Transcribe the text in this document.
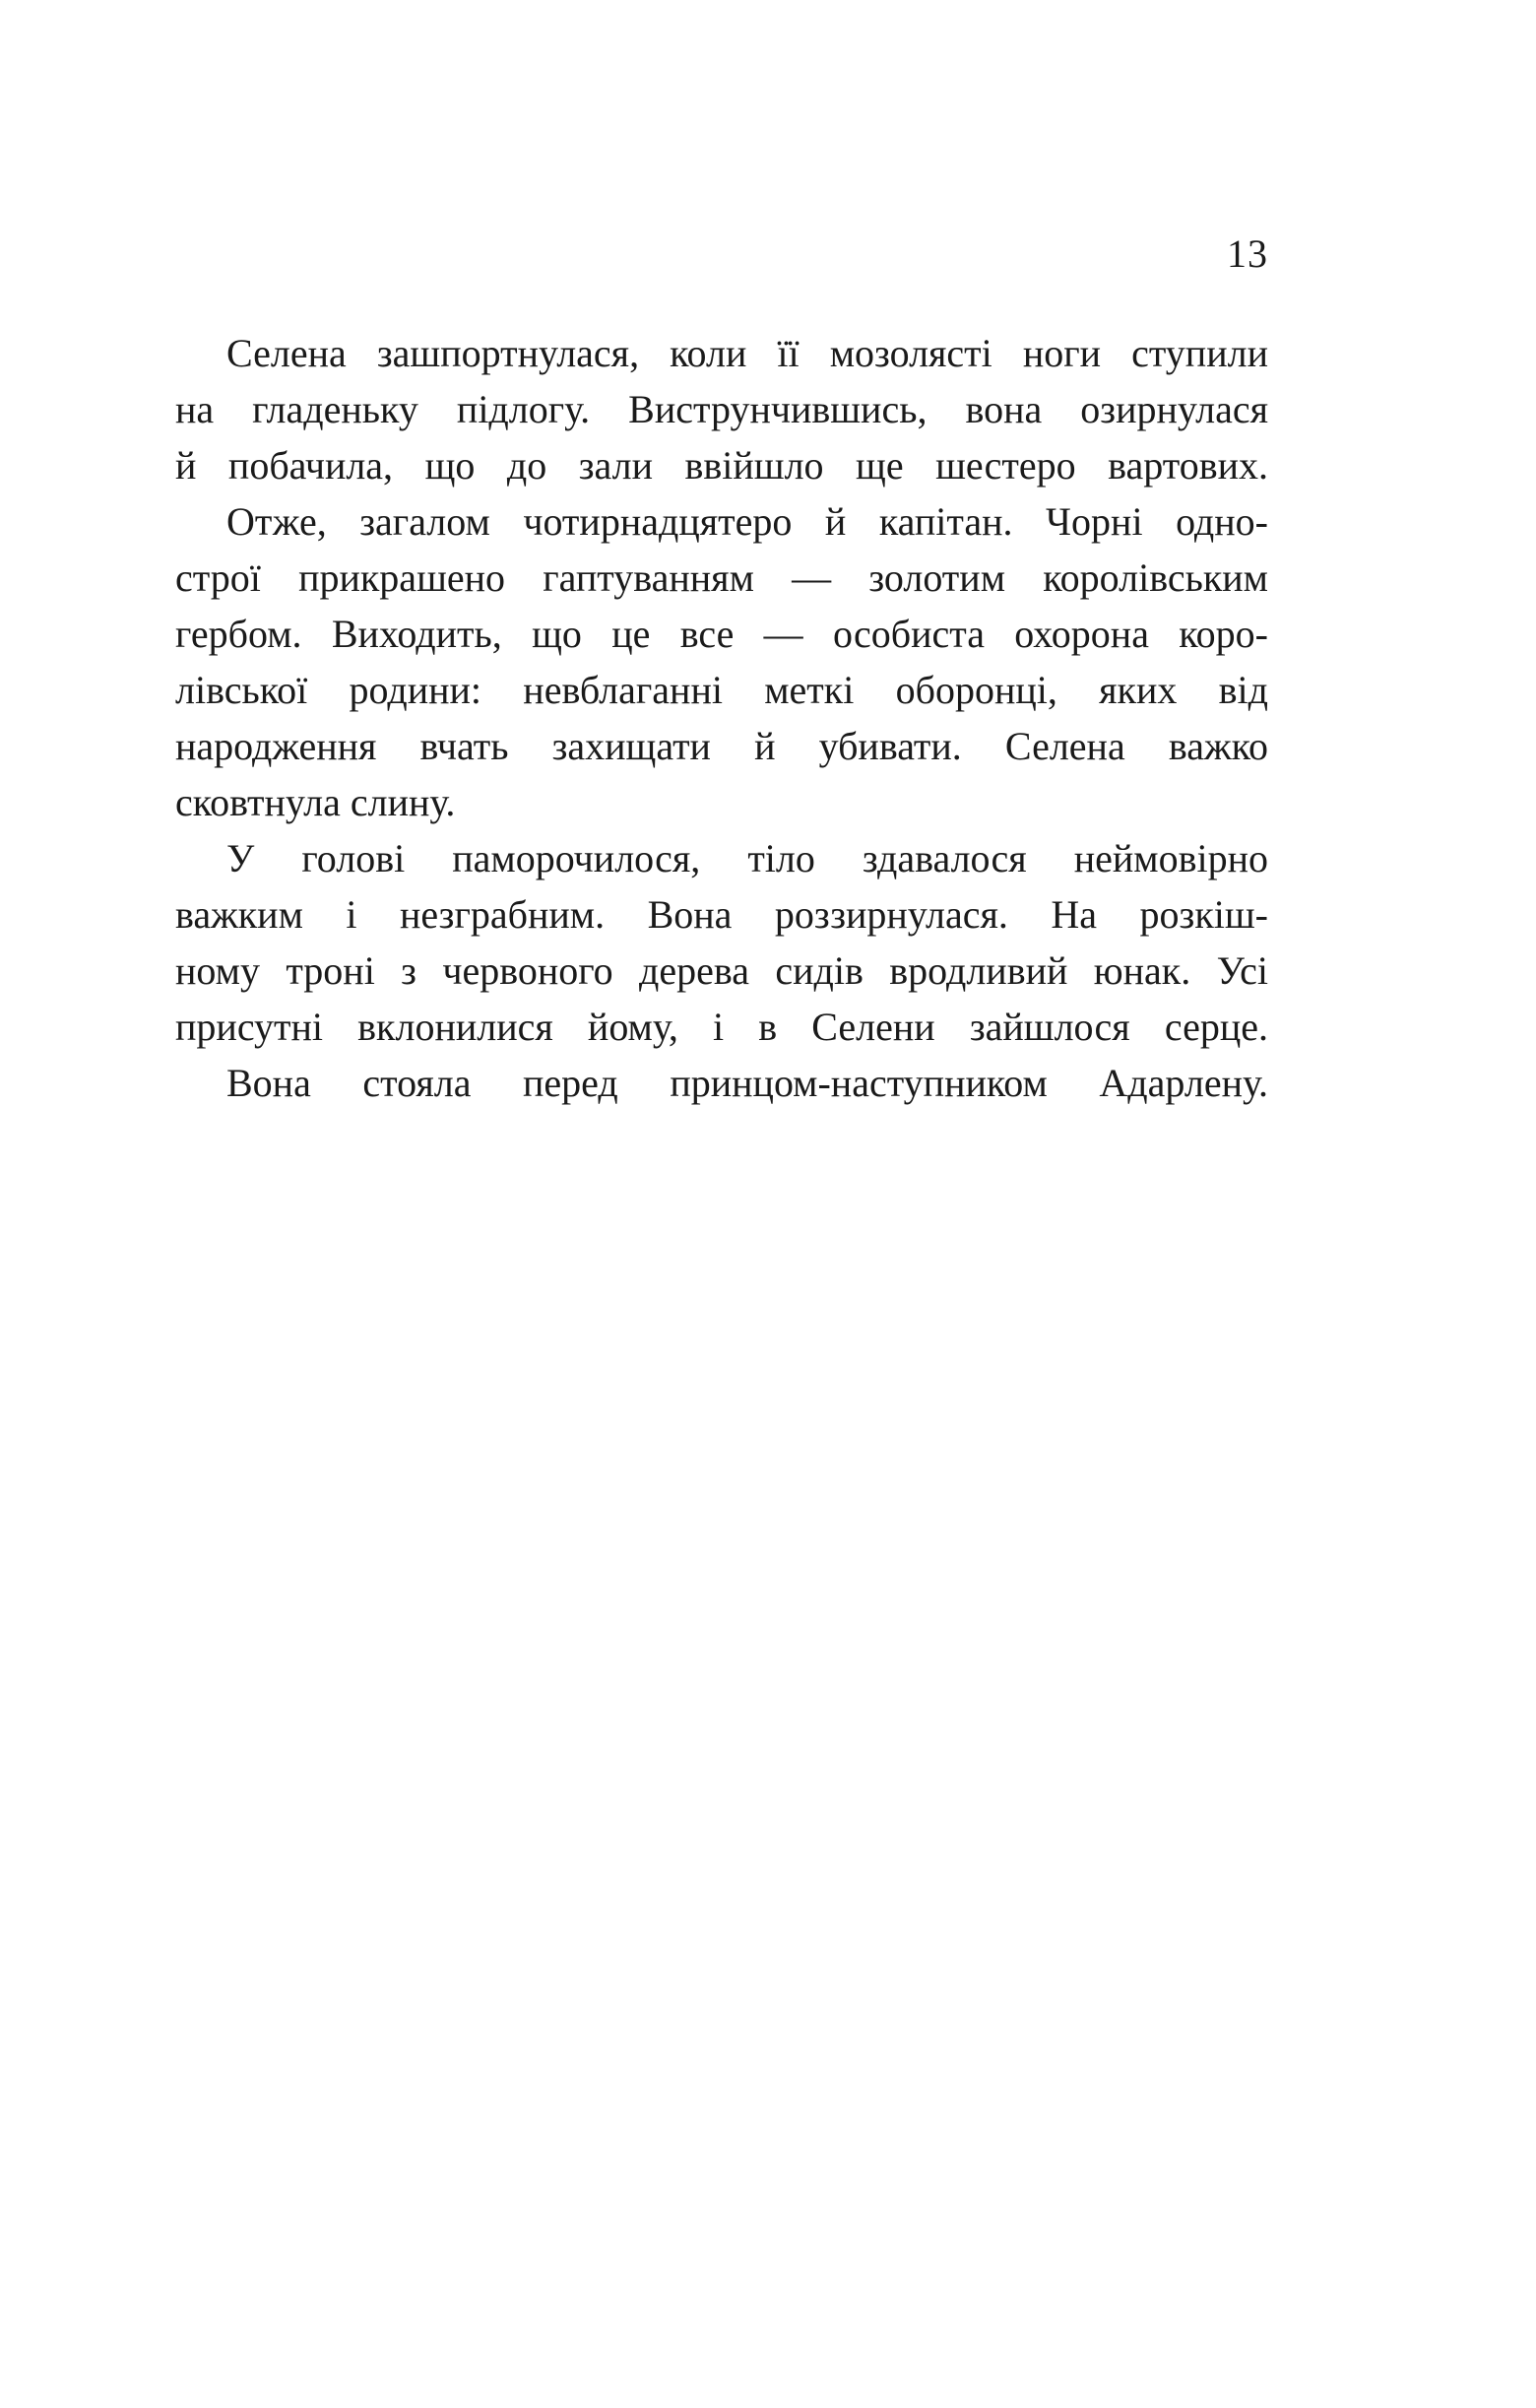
13

Селена зашпортнулася, коли її мозолясті ноги ступили
на гладеньку підлогу. Виструнчившись, вона озирнулася
й побачила, що до зали ввійшло ще шестеро вартових.

Отже, загалом чотирнадцятеро й капітан. Чорні одно-
строї прикрашено гаптуванням — золотим королівським
гербом. Виходить, що це все — особиста охорона коро-
лівської родини: невблаганні меткі оборонці, яких від
народження вчать захищати й убивати. Селена важко
сковтнула слину.

У голові паморочилося, тіло здавалося неймовірно
важким і незграбним. Вона роззирнулася. На розкіш-
ному троні з червоного дерева сидів вродливий юнак. Усі
присутні вклонилися йому, і в Селени зайшлося серце.

Вона стояла перед принцом-наступником Адарлену.
